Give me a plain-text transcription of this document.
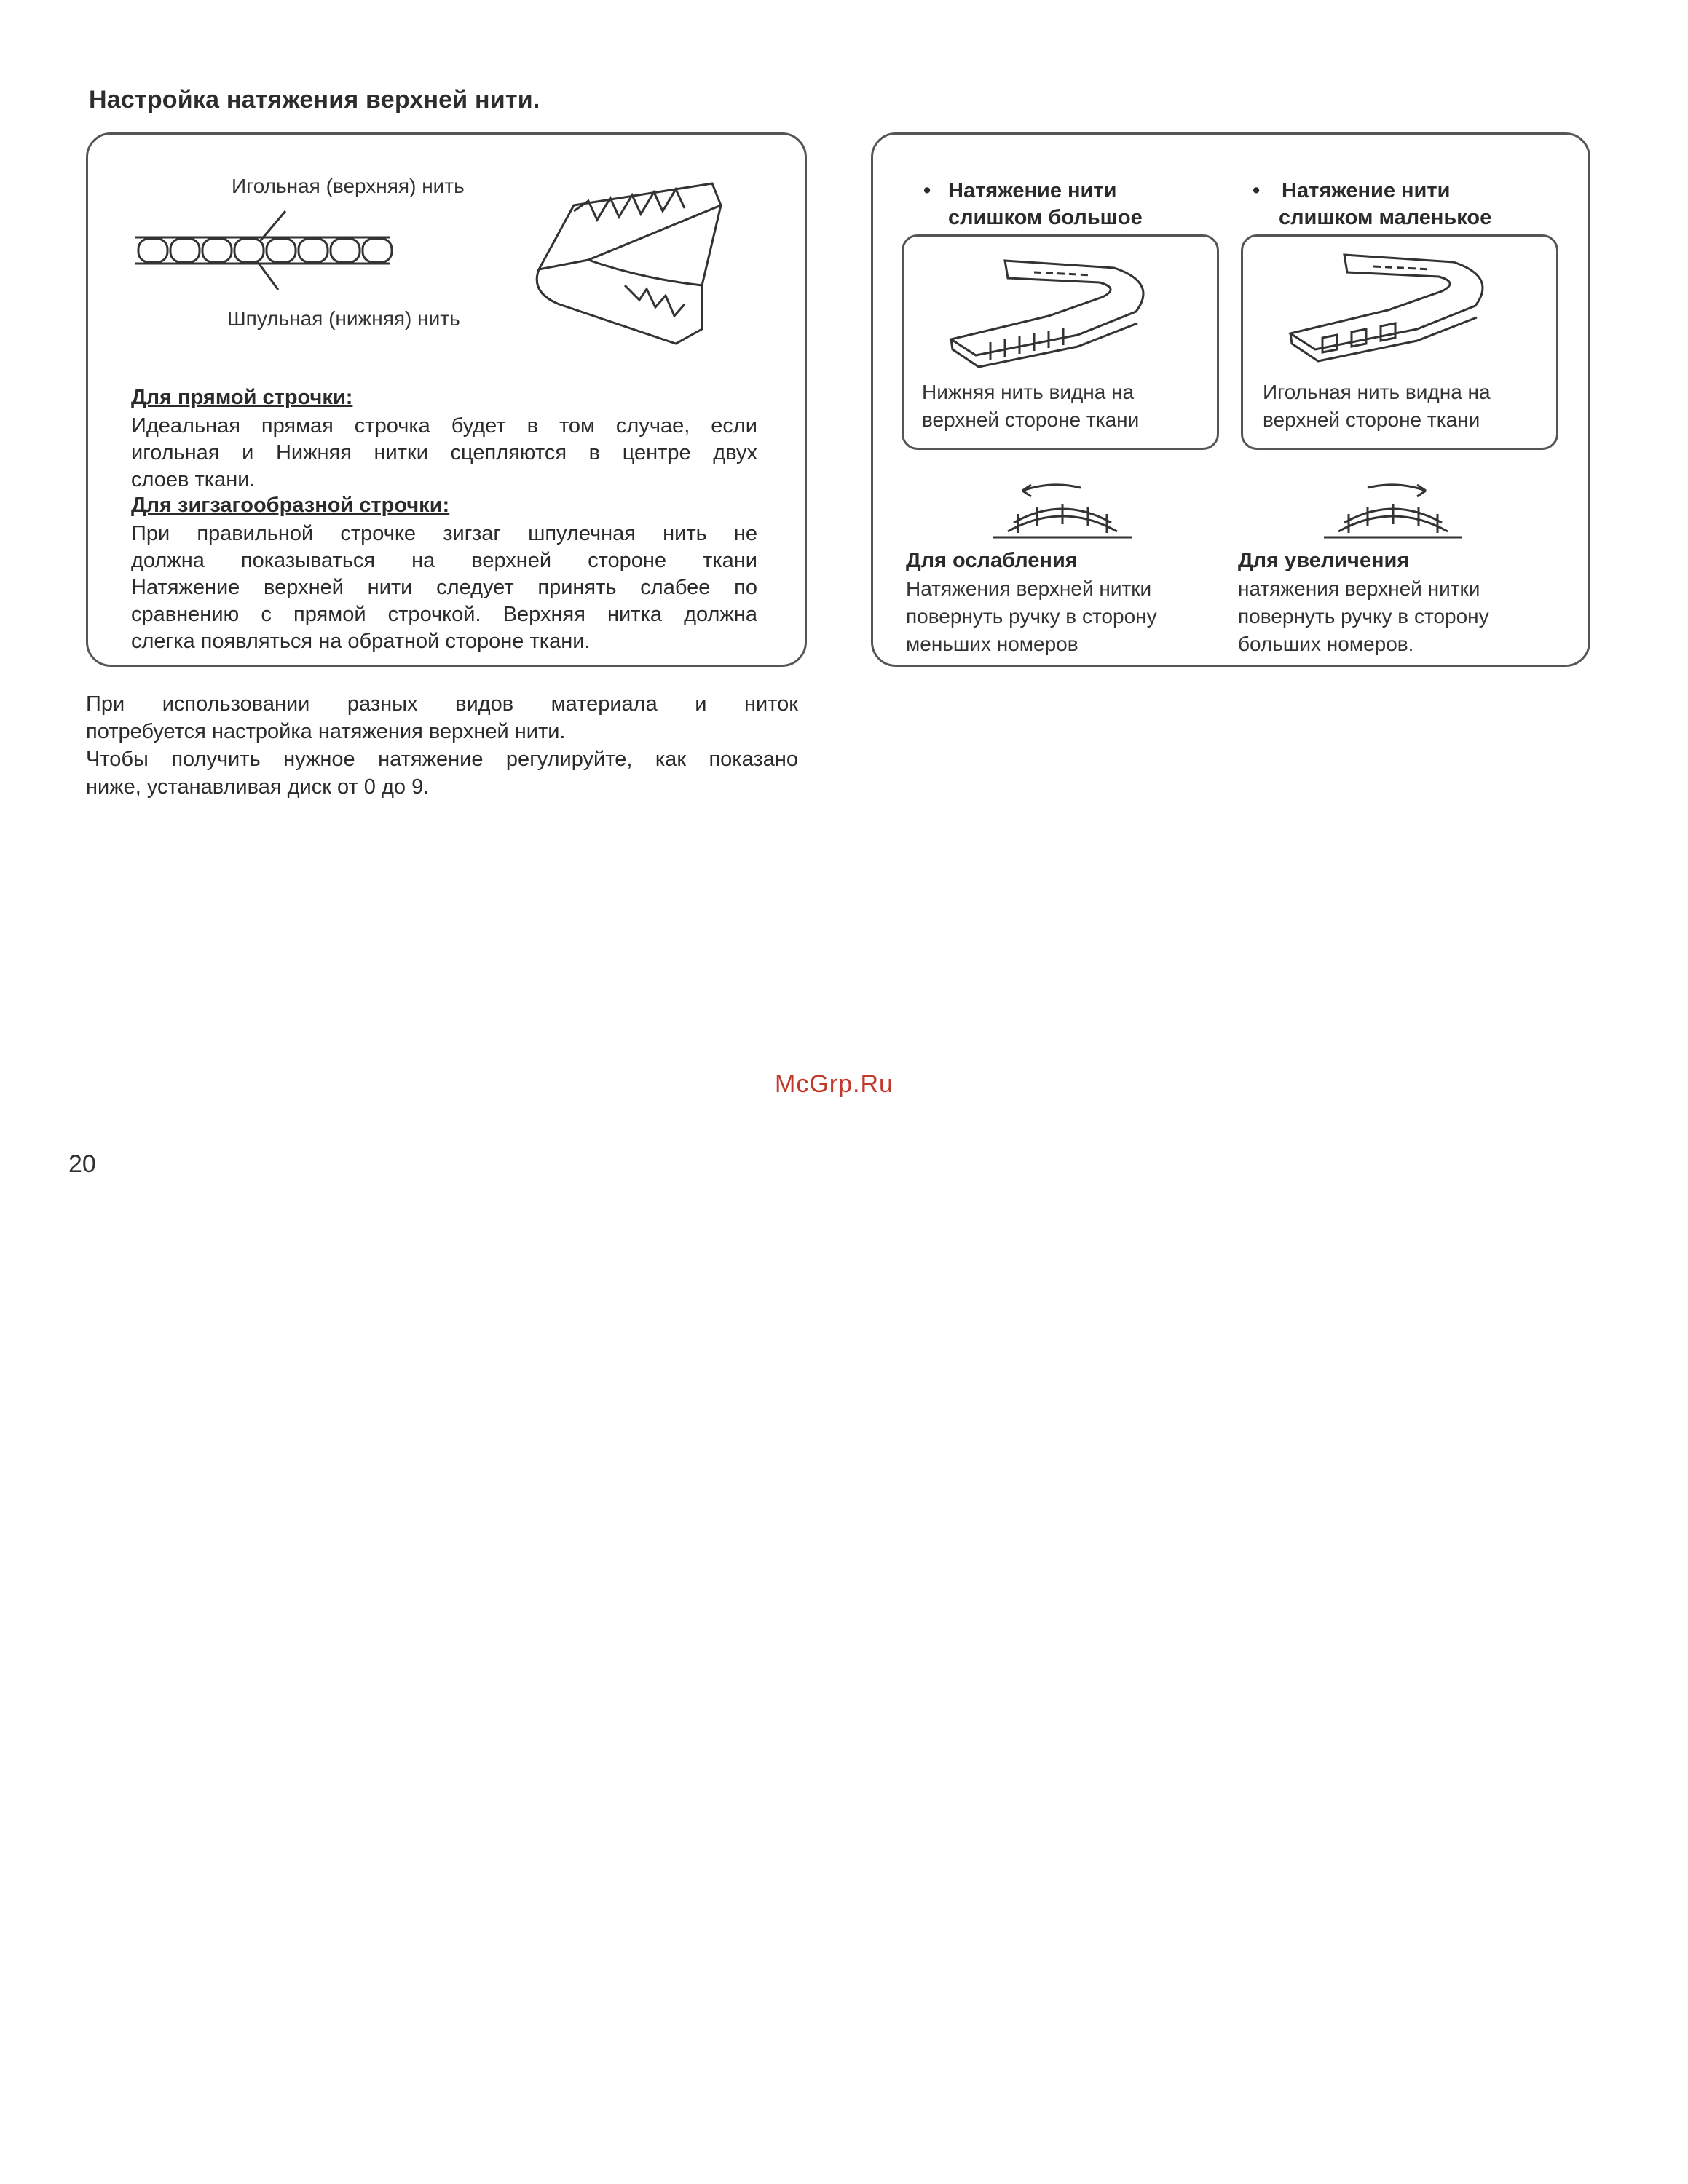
Настройка натяжения верхней нити.
Игольная (верхняя) нить
Шпульная (нижняя) нить
Для прямой строчки:
Идеальная прямая строчка будет в том случае, если
игольная и Нижняя нитки сцепляются в центре двух
слоев ткани.
Для зигзагообразной строчки:
При правильной строчке зигзаг шпулечная нить не
должна показываться на верхней стороне ткани
Натяжение верхней нити следует принять слабее по
сравнению с прямой строчкой. Верхняя нитка должна
слегка появляться на обратной стороне ткани.
• Натяжение нити
слишком большое
Нижняя нить видна на
верхней стороне ткани
• Натяжение нити
слишком маленькое
Игольная нить видна на
верхней стороне ткани
Для ослабления
Натяжения верхней нитки
повернуть ручку в сторону
меньших номеров
Для увеличения
натяжения верхней нитки
повернуть ручку в сторону
больших номеров.
При использовании разных видов материала и ниток
потребуется настройка натяжения верхней нити.
Чтобы получить нужное натяжение регулируйте, как показано
ниже, устанавливая диск от 0 до 9.
McGrp.Ru
20
